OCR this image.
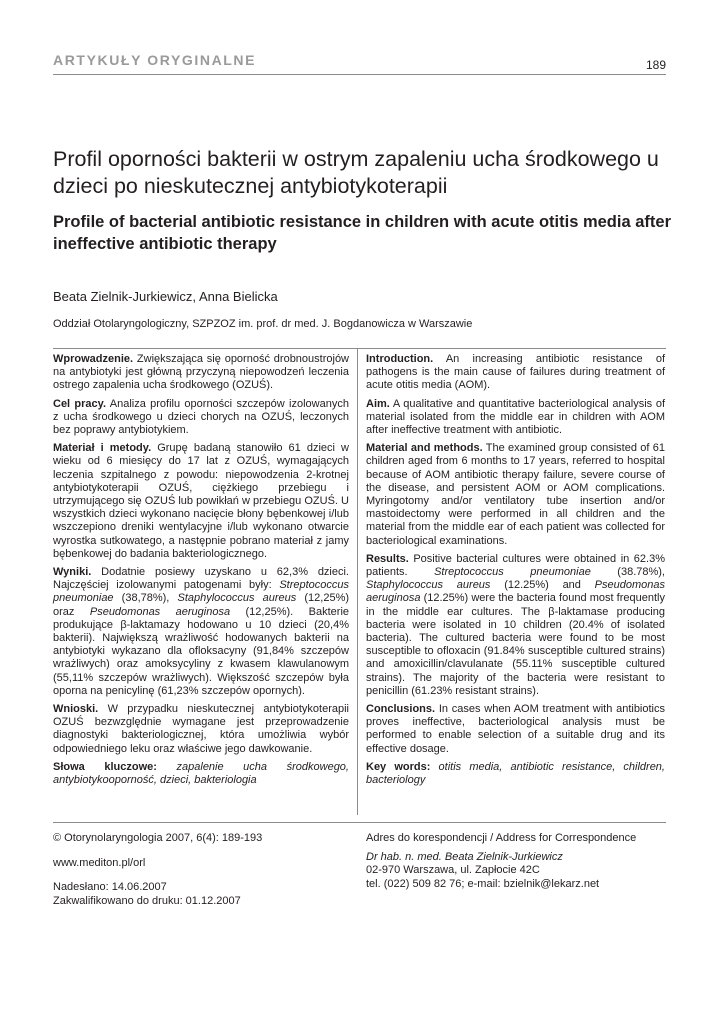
ARTYKUŁY ORYGINALNE	189
Profil oporności bakterii w ostrym zapaleniu ucha środkowego u dzieci po nieskutecznej antybiotykoterapii
Profile of bacterial antibiotic resistance in children with acute otitis media after ineffective antibiotic therapy
Beata Zielnik-Jurkiewicz, Anna Bielicka
Oddział Otolaryngologiczny, SZPZOZ im. prof. dr med. J. Bogdanowicza w Warszawie

Wprowadzenie. Zwiększająca się oporność drobnoustrojów na antybiotyki jest główną przyczyną niepowodzeń leczenia ostrego zapalenia ucha środkowego (OZUŚ).

Cel pracy. Analiza profilu oporności szczepów izolowanych z ucha środkowego u dzieci chorych na OZUŚ, leczonych bez poprawy antybiotykiem.

Materiał i metody. Grupę badaną stanowiło 61 dzieci w wieku od 6 miesięcy do 17 lat z OZUŚ, wymagających leczenia szpitalnego z powodu: niepowodzenia 2-krotnej antybiotykoterapii OZUŚ, ciężkiego przebiegu i utrzymującego się OZUŚ lub powikłań w przebiegu OZUŚ. U wszystkich dzieci wykonano nacięcie błony bębenkowej i/lub wszczepiono dreniki wentylacyjne i/lub wykonano otwarcie wyrostka sutkowatego, a następnie pobrano materiał z jamy bębenkowej do badania bakteriologicznego.

Wyniki. Dodatnie posiewy uzyskano u 62,3% dzieci. Najczęściej izolowanymi patogenami były: Streptococcus pneumoniae (38,78%), Staphylococcus aureus (12,25%) oraz Pseudomonas aeruginosa (12,25%). Bakterie produkujące β-laktamazy hodowano u 10 dzieci (20,4% bakterii). Największą wrażliwość hodowanych bakterii na antybiotyki wykazano dla ofloksacyny (91,84% szczepów wrażliwych) oraz amoksycyliny z kwasem klawulanowym (55,11% szczepów wrażliwych). Większość szczepów była oporna na penicylinę (61,23% szczepów opornych).

Wnioski. W przypadku nieskutecznej antybiotykoterapii OZUŚ bezwzględnie wymagane jest przeprowadzenie diagnostyki bakteriologicznej, która umożliwia wybór odpowiedniego leku oraz właściwe jego dawkowanie.

Słowa kluczowe: zapalenie ucha środkowego, antybiotykooporność, dzieci, bakteriologia

Introduction. An increasing antibiotic resistance of pathogens is the main cause of failures during treatment of acute otitis media (AOM).

Aim. A qualitative and quantitative bacteriological analysis of material isolated from the middle ear in children with AOM after ineffective treatment with antibiotic.

Material and methods. The examined group consisted of 61 children aged from 6 months to 17 years, referred to hospital because of AOM antibiotic therapy failure, severe course of the disease, and persistent AOM or AOM complications. Myringotomy and/or ventilatory tube insertion and/or mastoidectomy were performed in all children and the material from the middle ear of each patient was collected for bacteriological examinations.

Results. Positive bacterial cultures were obtained in 62.3% patients. Streptococcus pneumoniae (38.78%), Staphylococcus aureus (12.25%) and Pseudomonas aeruginosa (12.25%) were the bacteria found most frequently in the middle ear cultures. The β-laktamase producing bacteria were isolated in 10 children (20.4% of isolated bacteria). The cultured bacteria were found to be most susceptible to ofloxacin (91.84% susceptible cultured strains) and amoxicillin/clavulanate (55.11% susceptible cultured strains). The majority of the bacteria were resistant to penicillin (61.23% resistant strains).

Conclusions. In cases when AOM treatment with antibiotics proves ineffective, bacteriological analysis must be performed to enable selection of a suitable drug and its effective dosage.

Key words: otitis media, antibiotic resistance, children, bacteriology

© Otorynolaryngologia 2007, 6(4): 189-193
www.mediton.pl/orl
Nadesłano: 14.06.2007
Zakwalifikowano do druku: 01.12.2007
Adres do korespondencji / Address for Correspondence
Dr hab. n. med. Beata Zielnik-Jurkiewicz
02-970 Warszawa, ul. Zapłocie 42C
tel. (022) 509 82 76; e-mail: bzielnik@lekarz.net
